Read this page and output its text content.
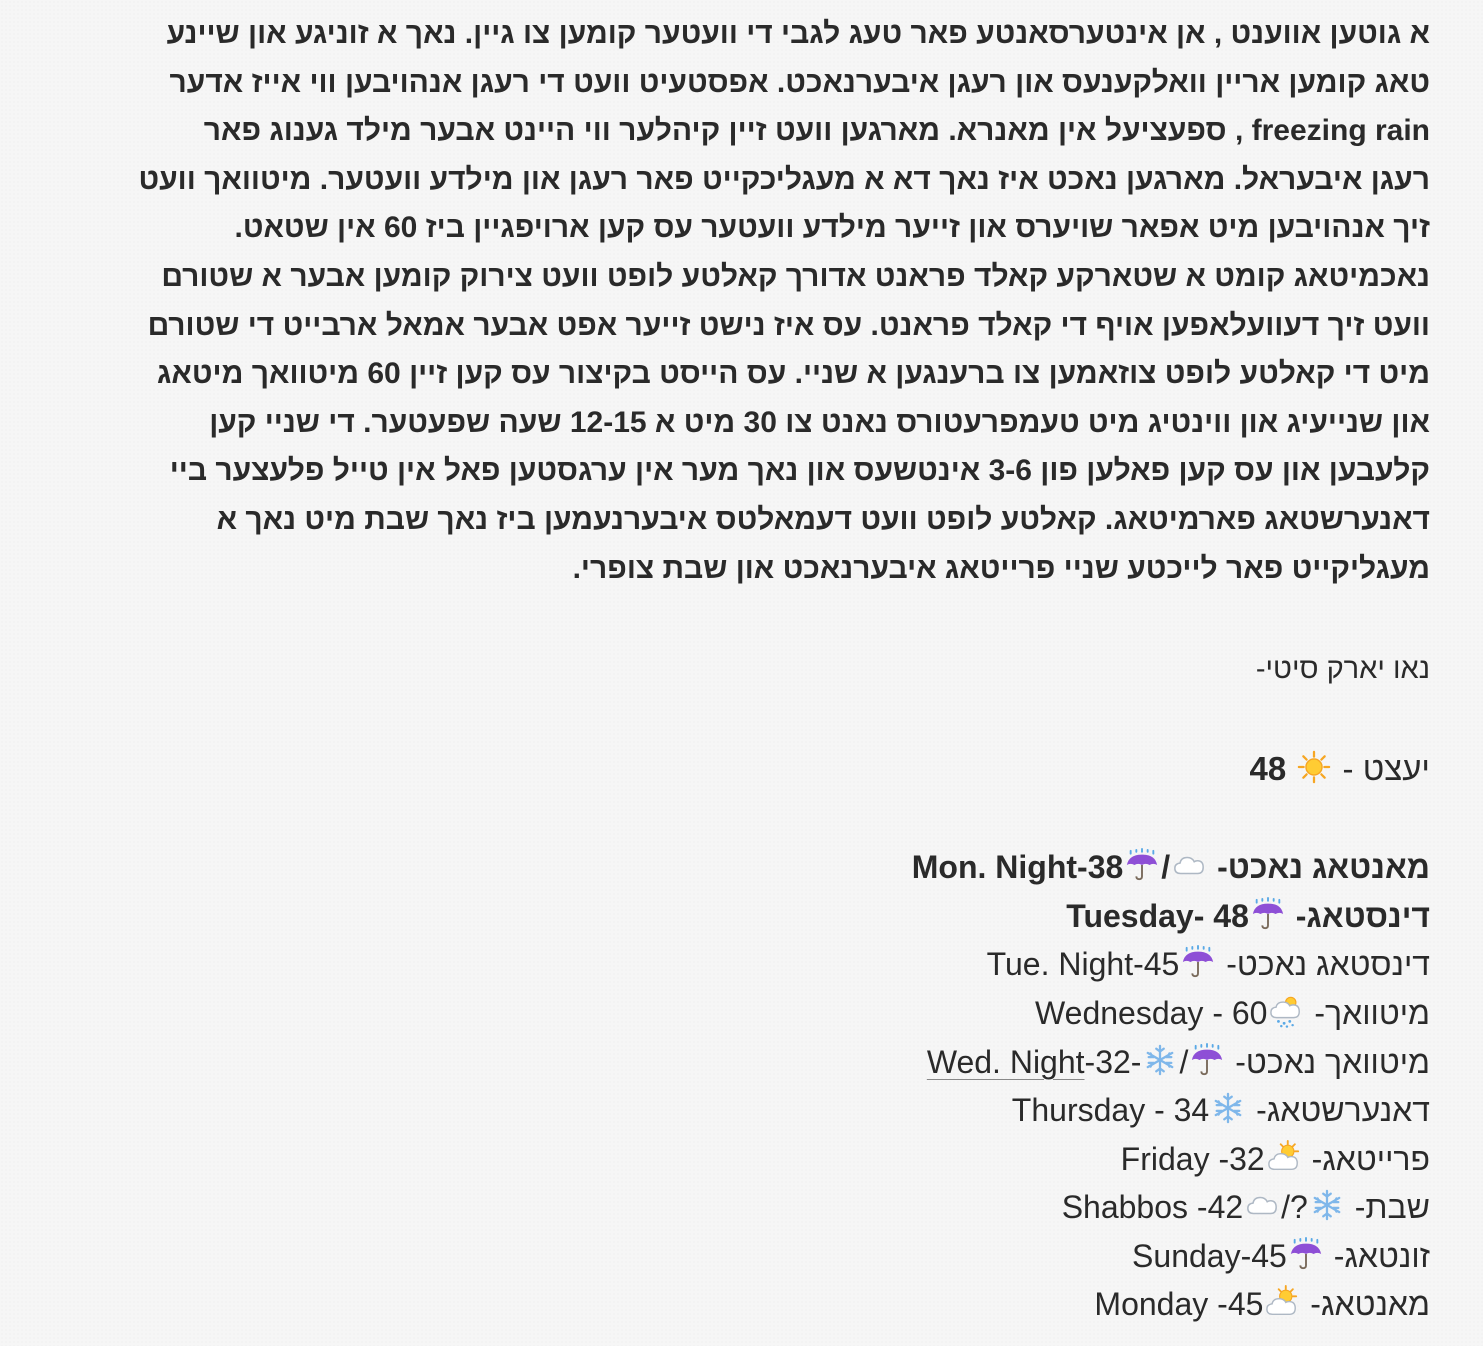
א גוטען אווענט , אן אינטערסאנטע פאר טעג לגבי די וועטער קומען צו גיין. נאך א זוניגע און שיינע
טאג קומען אריין וואלקענעס און רעגן איבערנאכט. אפסטעיט וועט די רעגן אנהויבען ווי אייז אדער
freezing rain , ספעציעל אין מאנרא. מארגען וועט זיין קיהלער ווי היינט אבער מילד גענוג פאר
רעגן איבעראל. מארגען נאכט איז נאך דא א מעגליכקייט פאר רעגן און מילדע וועטער. מיטוואך וועט
זיך אנהויבען מיט אפאר שויערס און זייער מילדע וועטער עס קען ארויפגיין ביז 60 אין שטאט.
נאכמיטאג קומט א שטארקע קאלד פראנט אדורך קאלטע לופט וועט צירוק קומען אבער א שטורם
וועט זיך דעוועלאפען אויף די קאלד פראנט. עס איז נישט זייער אפט אבער אמאל ארבייט די שטורם
מיט די קאלטע לופט צוזאמען צו ברענגען א שניי. עס הייסט בקיצור עס קען זיין 60 מיטוואך מיטאג
און שנייעיג און ווינטיג מיט טעמפרעטורס נאנט צו 30 מיט א 12-15 שעה שפעטער. די שניי קען
קלעבען און עס קען פאלען פון 3-6 אינטשעס און נאך מער אין ערגסטען פאל אין טייל פלעצער ביי
דאנערשטאג פארמיטאג. קאלטע לופט וועט דעמאלטס איבערנעמען ביז נאך שבת מיט נאך א
מעגליקייט פאר לייכטע שניי פרייטאג איבערנאכט און שבת צופרי.

נאו יארק סיטי-
יעצט -
48
מאנטאג נאכט-
/
Mon. Night-38
דינסטאג-
Tuesday- 48
דינסטאג נאכט-
Tue. Night-45
מיטוואך-
Wednesday - 60
מיטוואך נאכט-
/
-32-Wed. Night
דאנערשטאג-
Thursday - 34
פרייטאג-
Friday -32
שבת-
?/
Shabbos -42
זונטאג-
Sunday-45
מאנטאג-
Monday -45
